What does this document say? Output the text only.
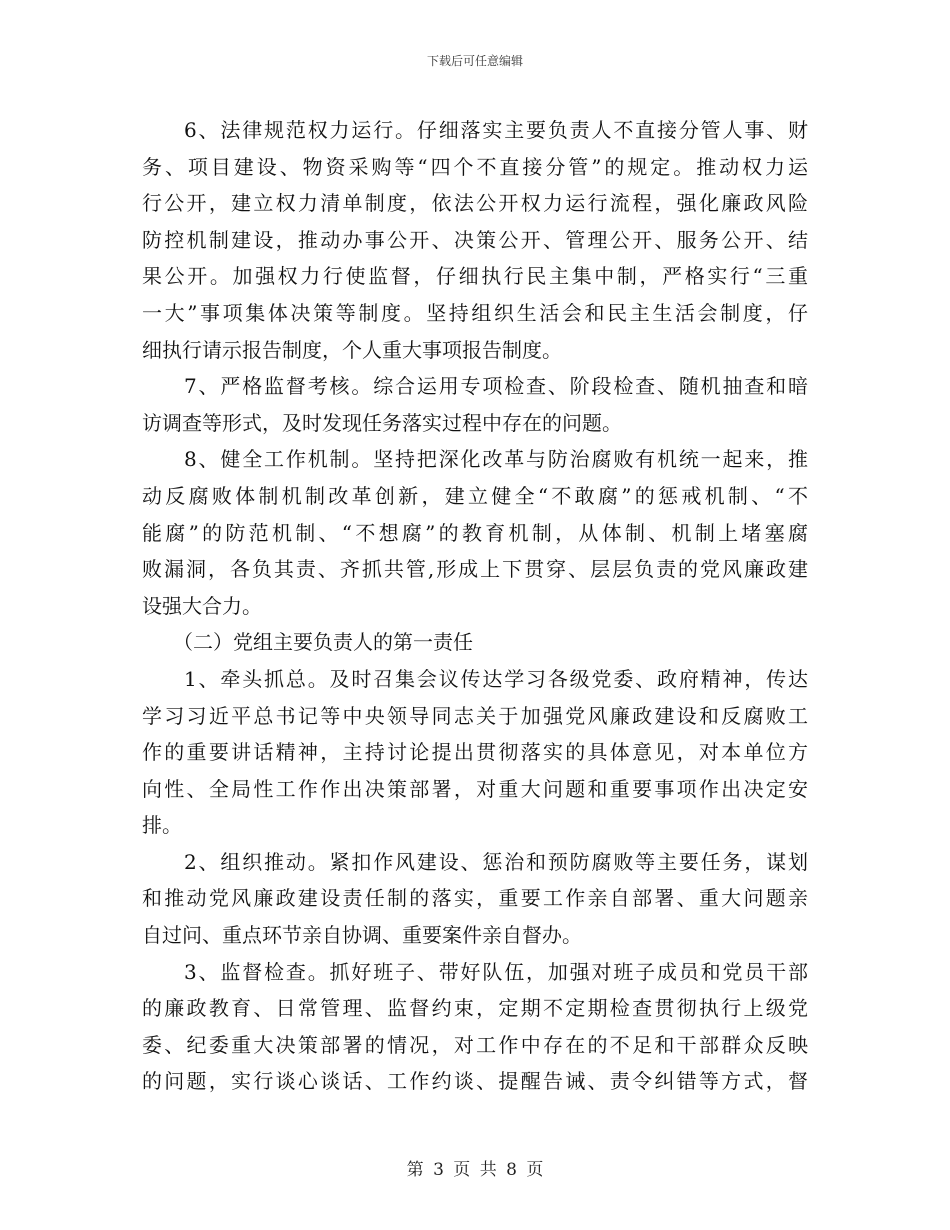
下载后可任意编辑
6、法律规范权力运行。仔细落实主要负责人不直接分管人事、财
务、项目建设、物资采购等“四个不直接分管”的规定。推动权力运
行公开，建立权力清单制度，依法公开权力运行流程，强化廉政风险
防控机制建设，推动办事公开、决策公开、管理公开、服务公开、结
果公开。加强权力行使监督，仔细执行民主集中制，严格实行“三重
一大”事项集体决策等制度。坚持组织生活会和民主生活会制度，仔
细执行请示报告制度，个人重大事项报告制度。
7、严格监督考核。综合运用专项检查、阶段检查、随机抽查和暗
访调查等形式，及时发现任务落实过程中存在的问题。
8、健全工作机制。坚持把深化改革与防治腐败有机统一起来，推
动反腐败体制机制改革创新，建立健全“不敢腐”的惩戒机制、“不
能腐”的防范机制、“不想腐”的教育机制，从体制、机制上堵塞腐
败漏洞，各负其责、齐抓共管,形成上下贯穿、层层负责的党风廉政建
设强大合力。
（二）党组主要负责人的第一责任
1、牵头抓总。及时召集会议传达学习各级党委、政府精神，传达
学习习近平总书记等中央领导同志关于加强党风廉政建设和反腐败工
作的重要讲话精神，主持讨论提出贯彻落实的具体意见，对本单位方
向性、全局性工作作出决策部署，对重大问题和重要事项作出决定安
排。
2、组织推动。紧扣作风建设、惩治和预防腐败等主要任务，谋划
和推动党风廉政建设责任制的落实，重要工作亲自部署、重大问题亲
自过问、重点环节亲自协调、重要案件亲自督办。
3、监督检查。抓好班子、带好队伍，加强对班子成员和党员干部
的廉政教育、日常管理、监督约束，定期不定期检查贯彻执行上级党
委、纪委重大决策部署的情况，对工作中存在的不足和干部群众反映
的问题，实行谈心谈话、工作约谈、提醒告诫、责令纠错等方式，督
第 3 页 共 8 页
